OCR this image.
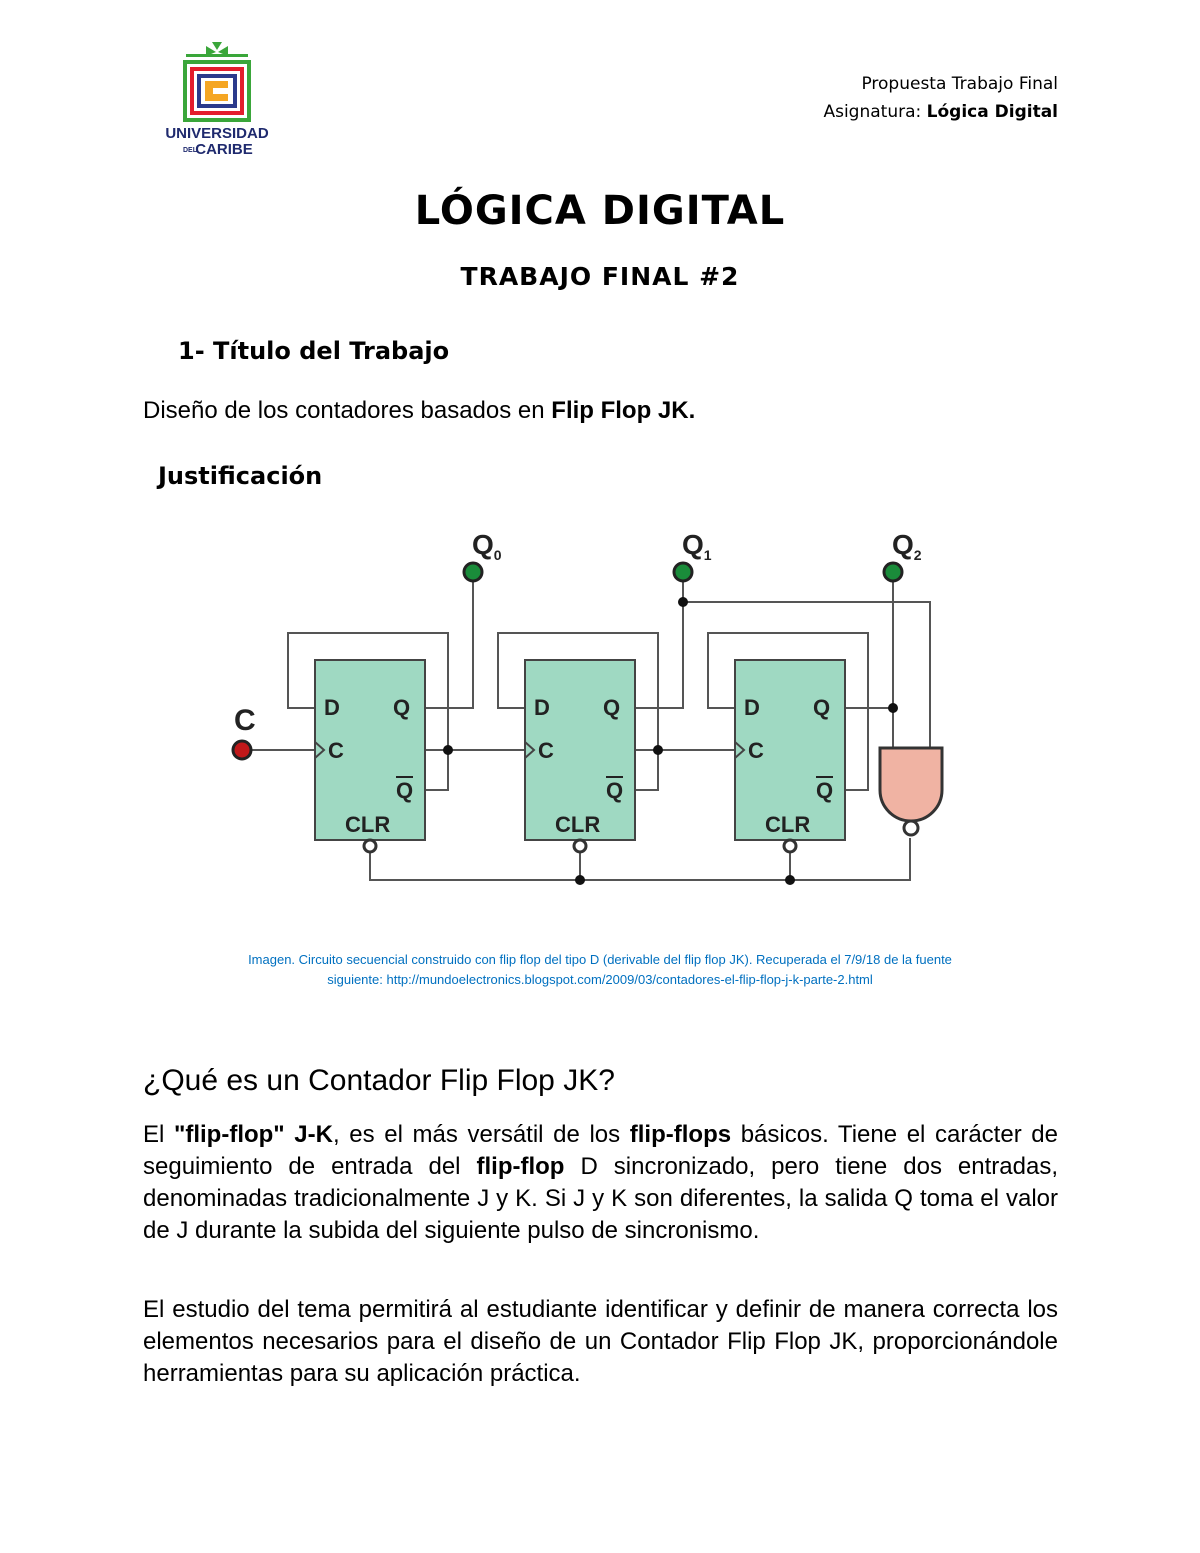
UNIVERSIDAD
DEL
CARIBE
Propuesta Trabajo Final
Asignatura: Lógica Digital
LÓGICA DIGITAL
TRABAJO FINAL #2
1- Título del Trabajo
Diseño de los contadores basados en Flip Flop JK.
Justificación
D Q
C
Q
CLR
D Q
C
Q
CLR
D Q
C
Q
CLR
C
$Q_0$	$Q_1$	$Q_2$
Imagen. Circuito secuencial construido con flip flop del tipo D (derivable del flip flop JK). Recuperada el 7/9/18 de la fuente
siguiente: http://mundoelectronics.blogspot.com/2009/03/contadores-el-flip-flop-j-k-parte-2.html
¿Qué es un Contador Flip Flop JK?
El "flip-flop" J-K, es el más versátil de los flip-flops básicos. Tiene el carácter de seguimiento de entrada del flip-flop D sincronizado, pero tiene dos entradas, denominadas tradicionalmente J y K. Si J y K son diferentes, la salida Q toma el valor de J durante la subida del siguiente pulso de sincronismo.
El estudio del tema permitirá al estudiante identificar y definir de manera correcta los elementos necesarios para el diseño de un Contador Flip Flop JK, proporcionándole herramientas para su aplicación práctica.
